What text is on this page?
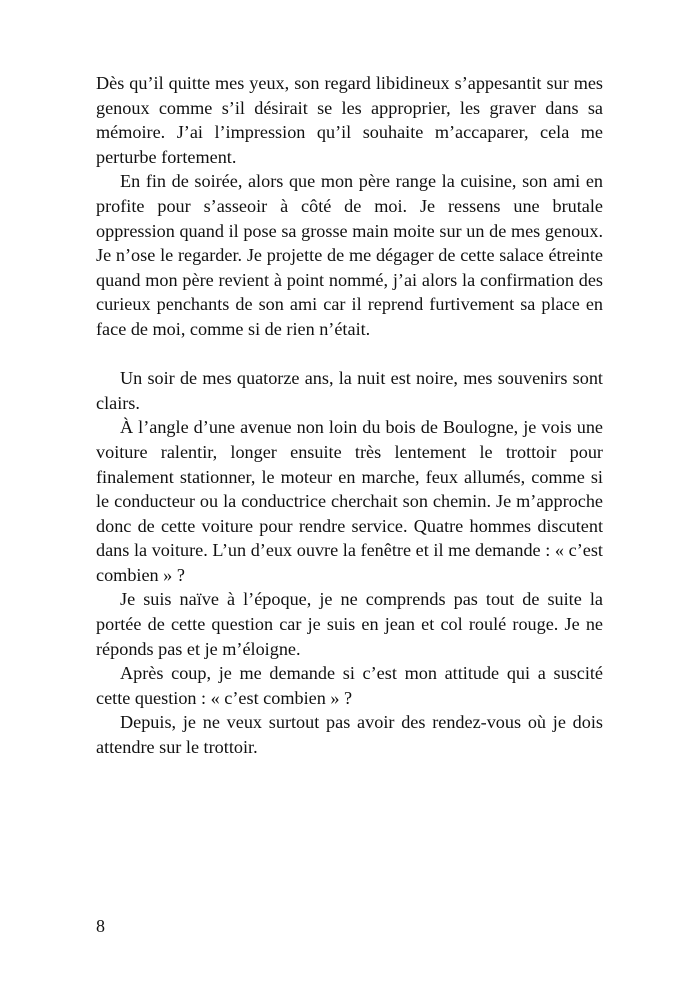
Dès qu’il quitte mes yeux, son regard libidineux s’appesantit sur mes genoux comme s’il désirait se les approprier, les graver dans sa mémoire. J’ai l’impression qu’il souhaite m’accaparer, cela me perturbe fortement.

En fin de soirée, alors que mon père range la cuisine, son ami en profite pour s’asseoir à côté de moi. Je ressens une brutale oppression quand il pose sa grosse main moite sur un de mes genoux. Je n’ose le regarder. Je projette de me dégager de cette salace étreinte quand mon père revient à point nommé, j’ai alors la confirmation des curieux penchants de son ami car il reprend furtivement sa place en face de moi, comme si de rien n’était.

Un soir de mes quatorze ans, la nuit est noire, mes souvenirs sont clairs.

À l’angle d’une avenue non loin du bois de Boulogne, je vois une voiture ralentir, longer ensuite très lentement le trottoir pour finalement stationner, le moteur en marche, feux allumés, comme si le conducteur ou la conductrice cherchait son chemin. Je m’approche donc de cette voiture pour rendre service. Quatre hommes discutent dans la voiture. L’un d’eux ouvre la fenêtre et il me demande : « c’est combien » ?

Je suis naïve à l’époque, je ne comprends pas tout de suite la portée de cette question car je suis en jean et col roulé rouge. Je ne réponds pas et je m’éloigne.

Après coup, je me demande si c’est mon attitude qui a suscité cette question : « c’est combien » ?

Depuis, je ne veux surtout pas avoir des rendez-vous où je dois attendre sur le trottoir.

8
